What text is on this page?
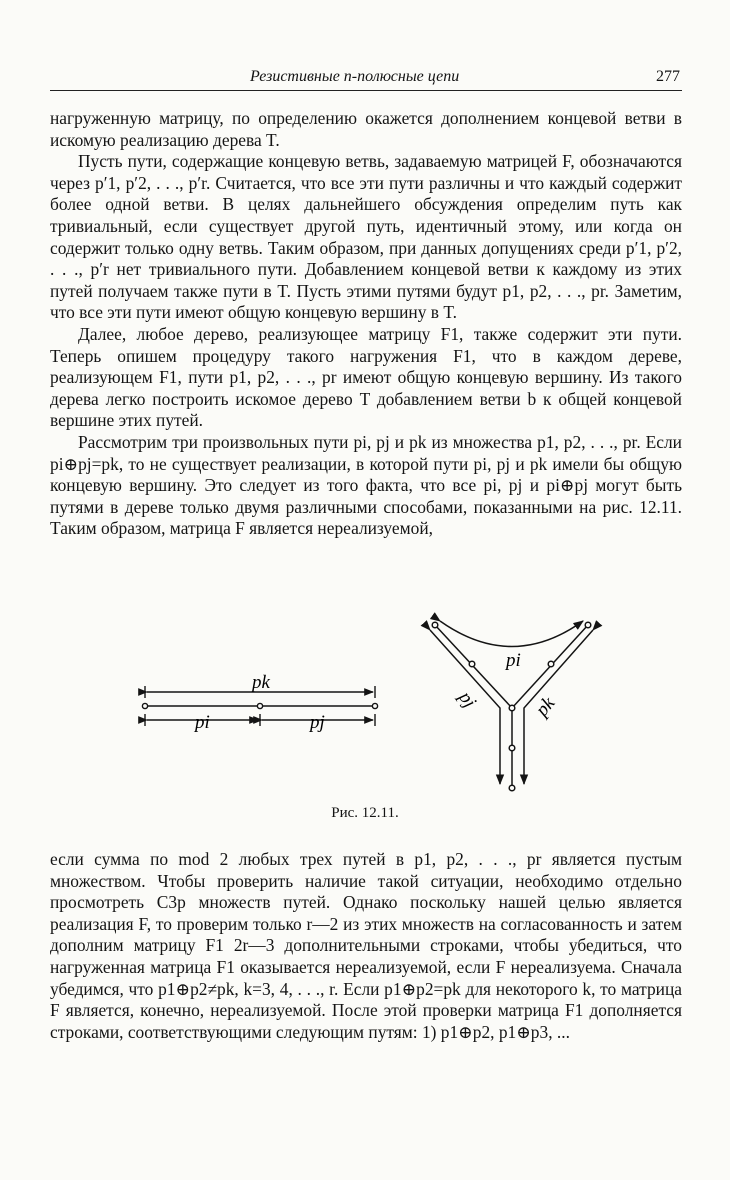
Резистивные n-полюсные цепи	277

нагруженную матрицу, по определению окажется дополнением концевой ветви в искомую реализацию дерева T.

Пусть пути, содержащие концевую ветвь, задаваемую матрицей F, обозначаются через p′1, p′2, . . ., p′r. Считается, что все эти пути различны и что каждый содержит более одной ветви. В целях дальнейшего обсуждения определим путь как тривиальный, если существует другой путь, идентичный этому, или когда он содержит только одну ветвь. Таким образом, при данных допущениях среди p′1, p′2, . . ., p′r нет тривиального пути. Добавлением концевой ветви к каждому из этих путей получаем также пути в T. Пусть этими путями будут p1, p2, . . ., pr. Заметим, что все эти пути имеют общую концевую вершину в T.

Далее, любое дерево, реализующее матрицу F1, также содержит эти пути. Теперь опишем процедуру такого нагружения F1, что в каждом дереве, реализующем F1, пути p1, p2, . . ., pr имеют общую концевую вершину. Из такого дерева легко построить искомое дерево T добавлением ветви b к общей концевой вершине этих путей.

Рассмотрим три произвольных пути pi, pj и pk из множества p1, p2, . . ., pr. Если pi⊕pj=pk, то не существует реализации, в которой пути pi, pj и pk имели бы общую концевую вершину. Это следует из того факта, что все pi, pj и pi⊕pj могут быть путями в дереве только двумя различными способами, показанными на рис. 12.11. Таким образом, матрица F является нереализуемой,

pk
pi	pj
pi
pj	pk
Рис. 12.11.

если сумма по mod 2 любых трех путей в p1, p2, . . ., pr является пустым множеством. Чтобы проверить наличие такой ситуации, необходимо отдельно просмотреть C3p множеств путей. Однако поскольку нашей целью является реализация F, то проверим только r—2 из этих множеств на согласованность и затем дополним матрицу F1 2r—3 дополнительными строками, чтобы убедиться, что нагруженная матрица F1 оказывается нереализуемой, если F нереализуема. Сначала убедимся, что p1⊕p2≠pk, k=3, 4, . . ., r. Если p1⊕p2=pk для некоторого k, то матрица F является, конечно, нереализуемой. После этой проверки матрица F1 дополняется строками, соответствующими следующим путям: 1) p1⊕p2, p1⊕p3, ...
